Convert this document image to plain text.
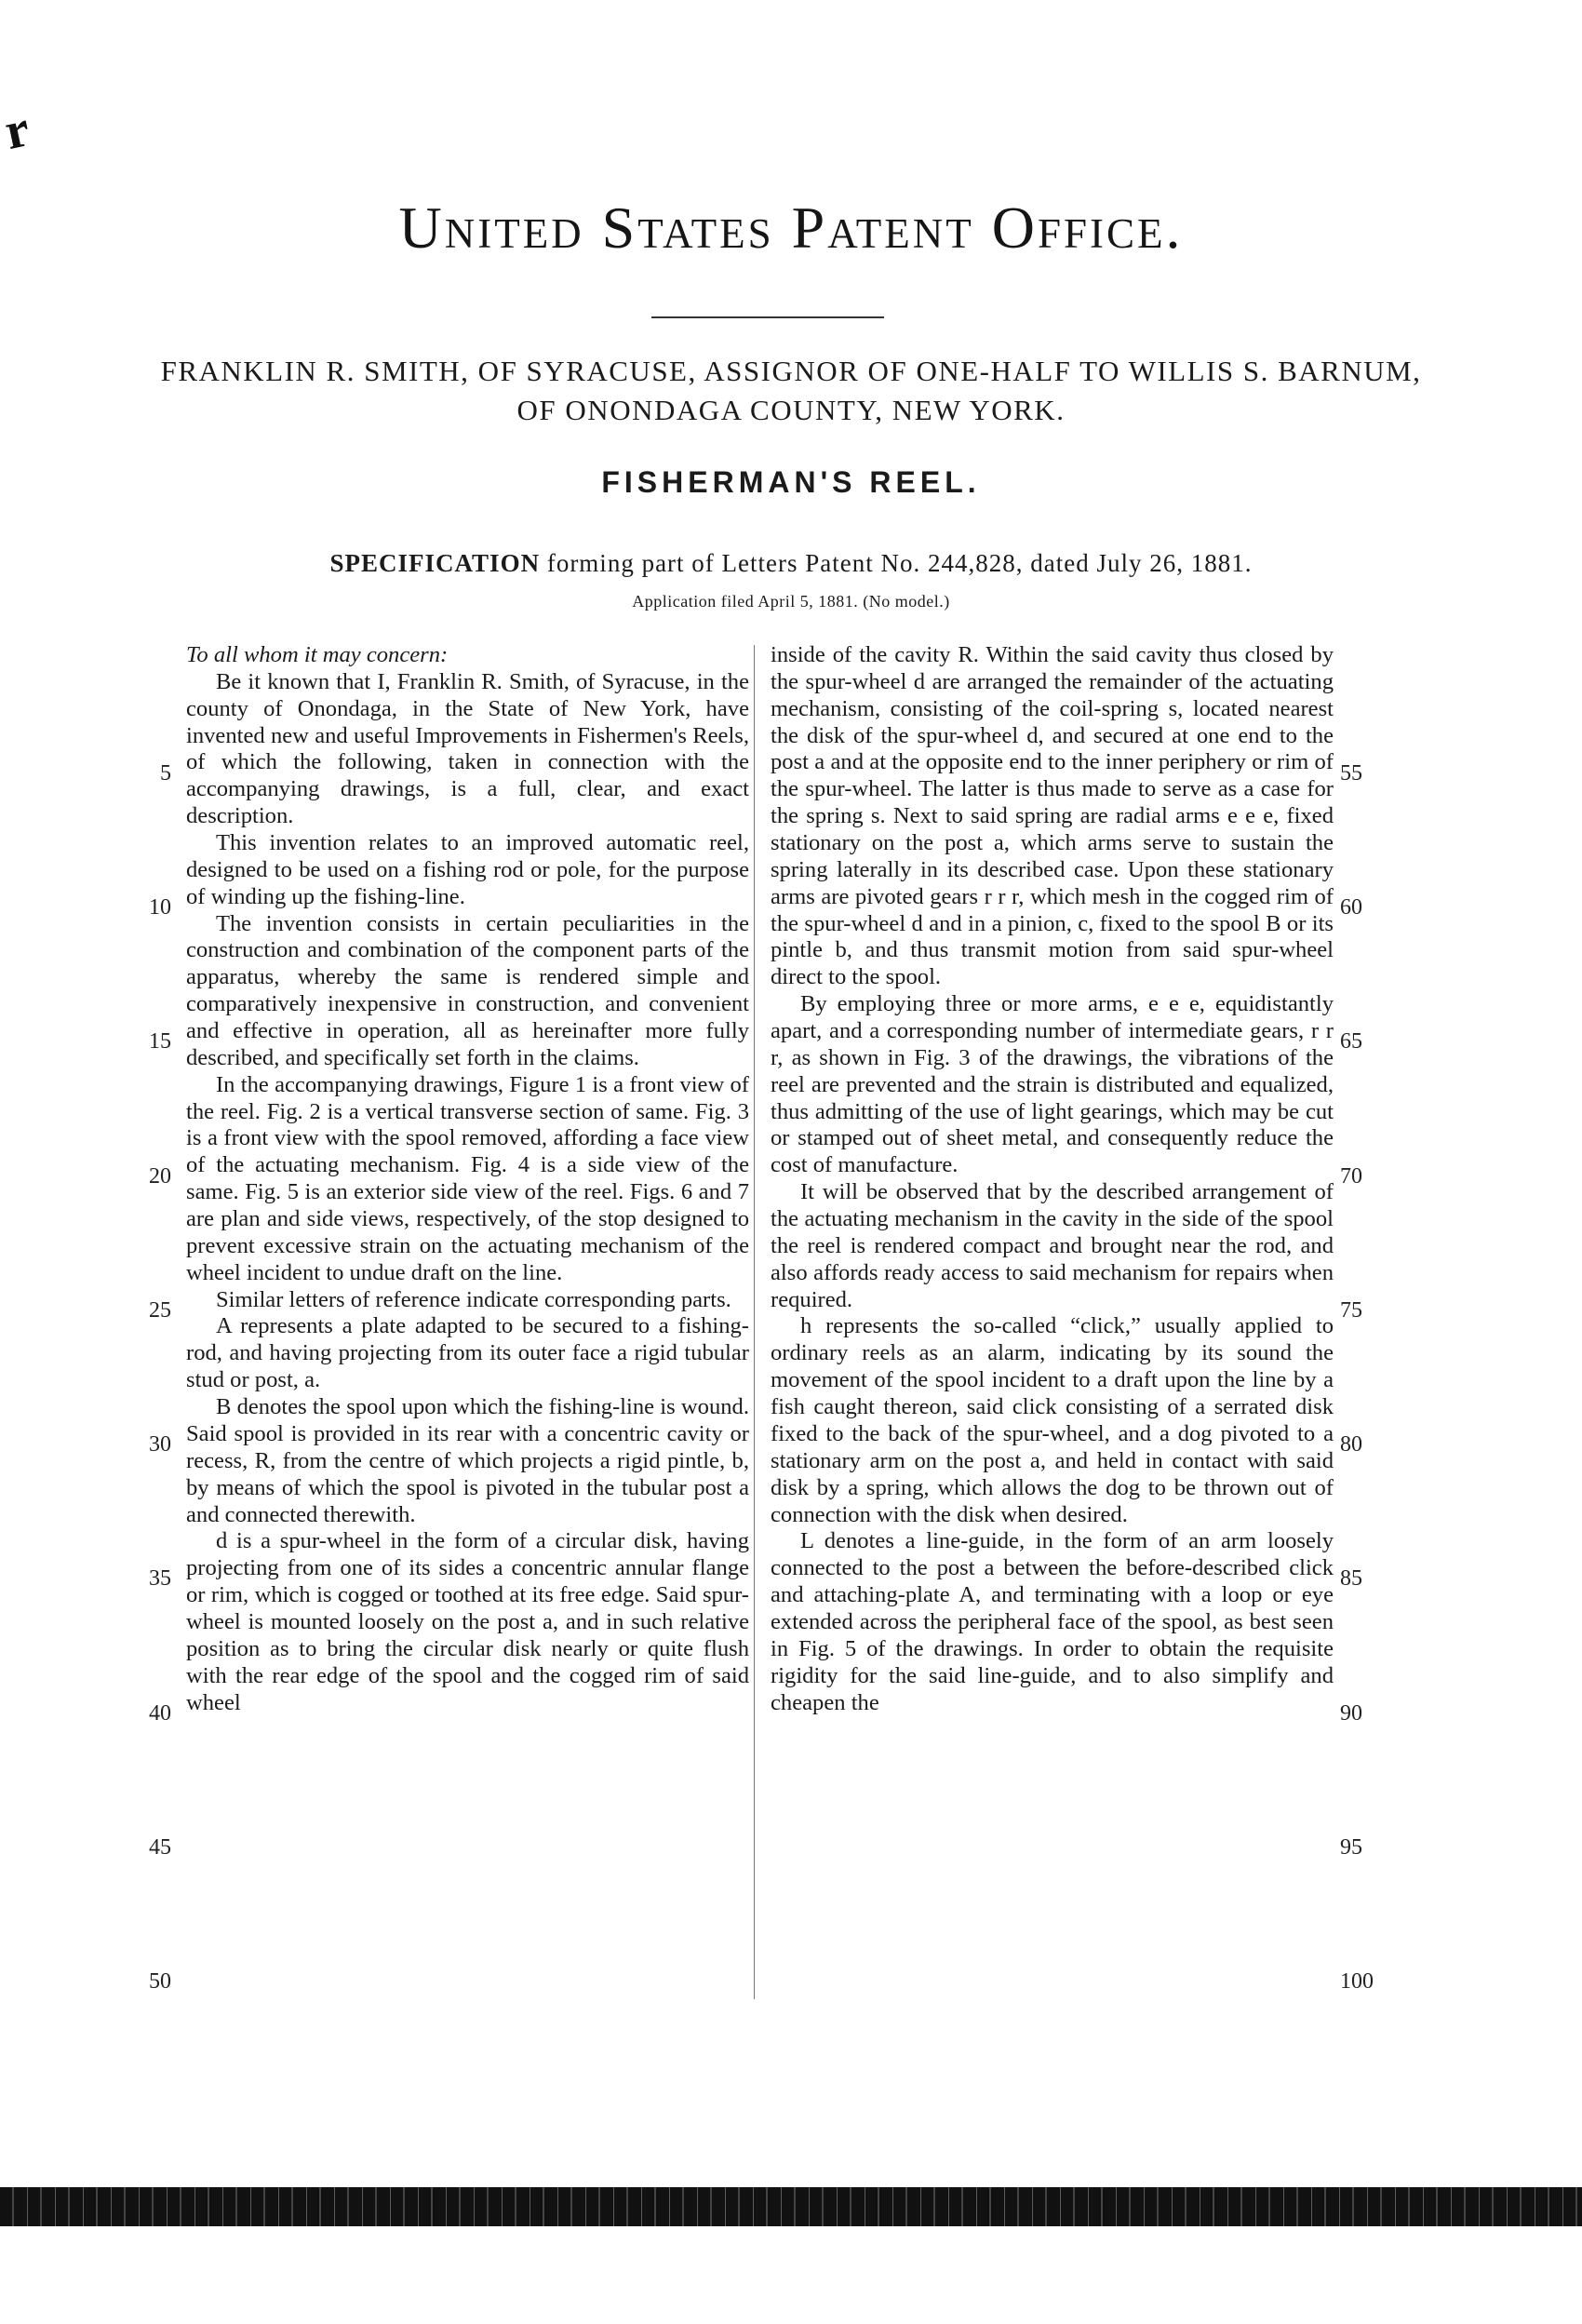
r
United States Patent Office.
FRANKLIN R. SMITH, OF SYRACUSE, ASSIGNOR OF ONE-HALF TO WILLIS S. BARNUM, OF ONONDAGA COUNTY, NEW YORK.
FISHERMAN'S REEL.
SPECIFICATION forming part of Letters Patent No. 244,828, dated July 26, 1881.
Application filed April 5, 1881. (No model.)

To all whom it may concern:

Be it known that I, Franklin R. Smith, of Syracuse, in the county of Onondaga, in the State of New York, have invented new and useful Improvements in Fishermen's Reels, of which the following, taken in connection with the accompanying drawings, is a full, clear, and exact description.

This invention relates to an improved automatic reel, designed to be used on a fishing rod or pole, for the purpose of winding up the fishing-line.

The invention consists in certain peculiarities in the construction and combination of the component parts of the apparatus, whereby the same is rendered simple and comparatively inexpensive in construction, and convenient and effective in operation, all as hereinafter more fully described, and specifically set forth in the claims.

In the accompanying drawings, Figure 1 is a front view of the reel. Fig. 2 is a vertical transverse section of same. Fig. 3 is a front view with the spool removed, affording a face view of the actuating mechanism. Fig. 4 is a side view of the same. Fig. 5 is an exterior side view of the reel. Figs. 6 and 7 are plan and side views, respectively, of the stop designed to prevent excessive strain on the actuating mechanism of the wheel incident to undue draft on the line.

Similar letters of reference indicate corresponding parts.

A represents a plate adapted to be secured to a fishing-rod, and having projecting from its outer face a rigid tubular stud or post, a.

B denotes the spool upon which the fishing-line is wound. Said spool is provided in its rear with a concentric cavity or recess, R, from the centre of which projects a rigid pintle, b, by means of which the spool is pivoted in the tubular post a and connected therewith.

d is a spur-wheel in the form of a circular disk, having projecting from one of its sides a concentric annular flange or rim, which is cogged or toothed at its free edge. Said spur-wheel is mounted loosely on the post a, and in such relative position as to bring the circular disk nearly or quite flush with the rear edge of the spool and the cogged rim of said wheel

inside of the cavity R. Within the said cavity thus closed by the spur-wheel d are arranged the remainder of the actuating mechanism, consisting of the coil-spring s, located nearest the disk of the spur-wheel d, and secured at one end to the post a and at the opposite end to the inner periphery or rim of the spur-wheel. The latter is thus made to serve as a case for the spring s. Next to said spring are radial arms e e e, fixed stationary on the post a, which arms serve to sustain the spring laterally in its described case. Upon these stationary arms are pivoted gears r r r, which mesh in the cogged rim of the spur-wheel d and in a pinion, c, fixed to the spool B or its pintle b, and thus transmit motion from said spur-wheel direct to the spool.

By employing three or more arms, e e e, equidistantly apart, and a corresponding number of intermediate gears, r r r, as shown in Fig. 3 of the drawings, the vibrations of the reel are prevented and the strain is distributed and equalized, thus admitting of the use of light gearings, which may be cut or stamped out of sheet metal, and consequently reduce the cost of manufacture.

It will be observed that by the described arrangement of the actuating mechanism in the cavity in the side of the spool the reel is rendered compact and brought near the rod, and also affords ready access to said mechanism for repairs when required.

h represents the so-called “click,” usually applied to ordinary reels as an alarm, indicating by its sound the movement of the spool incident to a draft upon the line by a fish caught thereon, said click consisting of a serrated disk fixed to the back of the spur-wheel, and a dog pivoted to a stationary arm on the post a, and held in contact with said disk by a spring, which allows the dog to be thrown out of connection with the disk when desired.

L denotes a line-guide, in the form of an arm loosely connected to the post a between the before-described click and attaching-plate A, and terminating with a loop or eye extended across the peripheral face of the spool, as best seen in Fig. 5 of the drawings. In order to obtain the requisite rigidity for the said line-guide, and to also simplify and cheapen the

5
10
15
20
25
30
35
40
45
50
55
60
65
70
75
80
85
90
95
100
